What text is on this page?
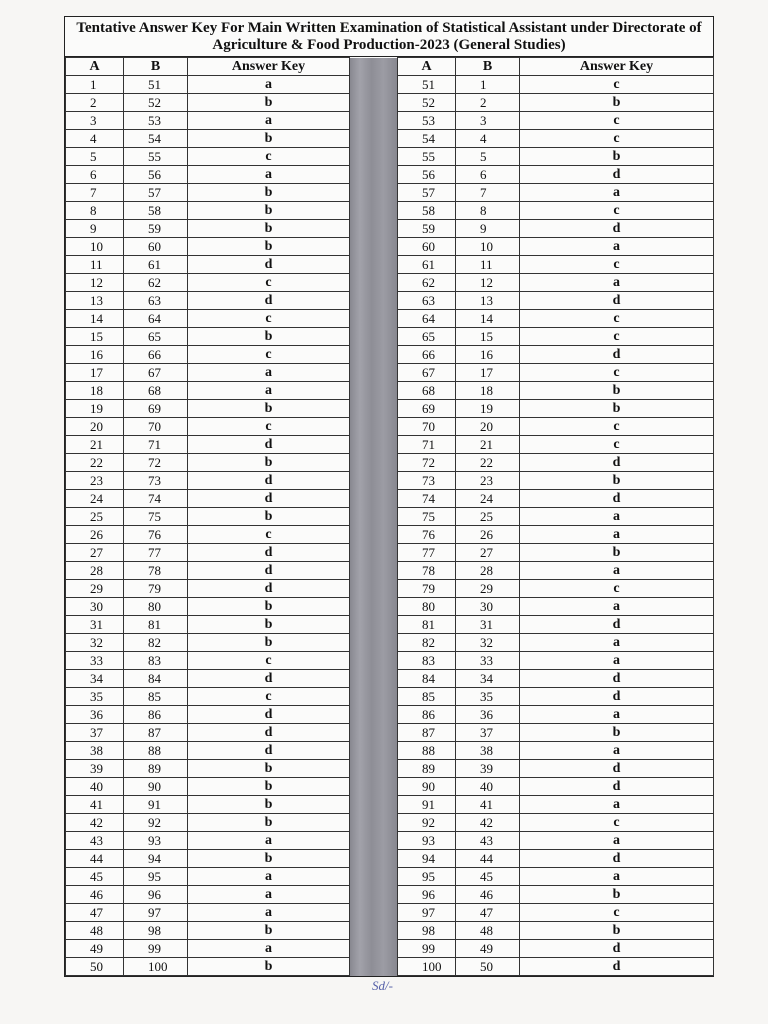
Tentative Answer Key For Main Written Examination of Statistical Assistant under Directorate of Agriculture & Food Production-2023 (General Studies)
A	B	Answer Key		A	B	Answer Key
1	51	a		51	1	c
2	52	b		52	2	b
3	53	a		53	3	c
4	54	b		54	4	c
5	55	c		55	5	b
6	56	a		56	6	d
7	57	b		57	7	a
8	58	b		58	8	c
9	59	b		59	9	d
10	60	b		60	10	a
11	61	d		61	11	c
12	62	c		62	12	a
13	63	d		63	13	d
14	64	c		64	14	c
15	65	b		65	15	c
16	66	c		66	16	d
17	67	a		67	17	c
18	68	a		68	18	b
19	69	b		69	19	b
20	70	c		70	20	c
21	71	d		71	21	c
22	72	b		72	22	d
23	73	d		73	23	b
24	74	d		74	24	d
25	75	b		75	25	a
26	76	c		76	26	a
27	77	d		77	27	b
28	78	d		78	28	a
29	79	d		79	29	c
30	80	b		80	30	a
31	81	b		81	31	d
32	82	b		82	32	a
33	83	c		83	33	a
34	84	d		84	34	d
35	85	c		85	35	d
36	86	d		86	36	a
37	87	d		87	37	b
38	88	d		88	38	a
39	89	b		89	39	d
40	90	b		90	40	d
41	91	b		91	41	a
42	92	b		92	42	c
43	93	a		93	43	a
44	94	b		94	44	d
45	95	a		95	45	a
46	96	a		96	46	b
47	97	a		97	47	c
48	98	b		98	48	b
49	99	a		99	49	d
50	100	b		100	50	d
Sd/-
